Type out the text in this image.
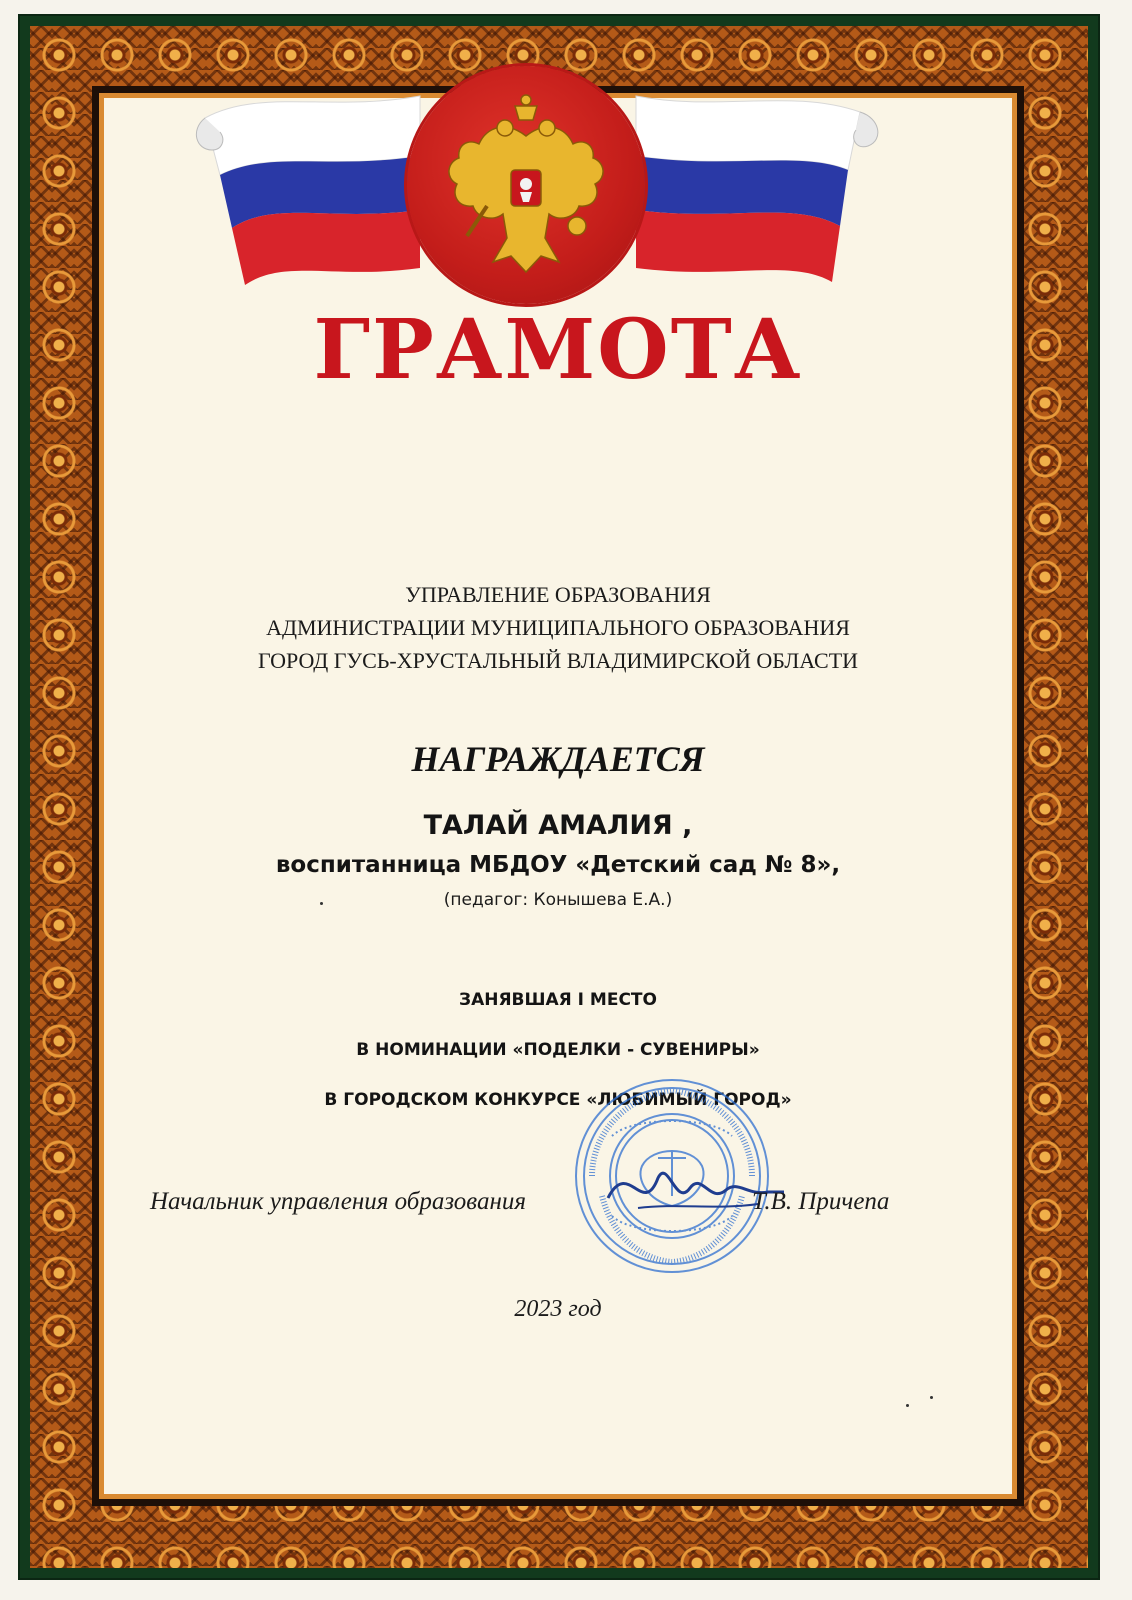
ГРАМОТА
УПРАВЛЕНИЕ ОБРАЗОВАНИЯ
АДМИНИСТРАЦИИ МУНИЦИПАЛЬНОГО ОБРАЗОВАНИЯ
ГОРОД ГУСЬ-ХРУСТАЛЬНЫЙ ВЛАДИМИРСКОЙ ОБЛАСТИ
НАГРАЖДАЕТСЯ
ТАЛАЙ АМАЛИЯ ,
воспитанница МБДОУ «Детский сад № 8»,
(педагог: Конышева Е.А.)
ЗАНЯВШАЯ I МЕСТО
В НОМИНАЦИИ «ПОДЕЛКИ - СУВЕНИРЫ»
В ГОРОДСКОМ КОНКУРСЕ «ЛЮБИМЫЙ ГОРОД»
Начальник управления образования	Т.В. Причепа
2023 год
